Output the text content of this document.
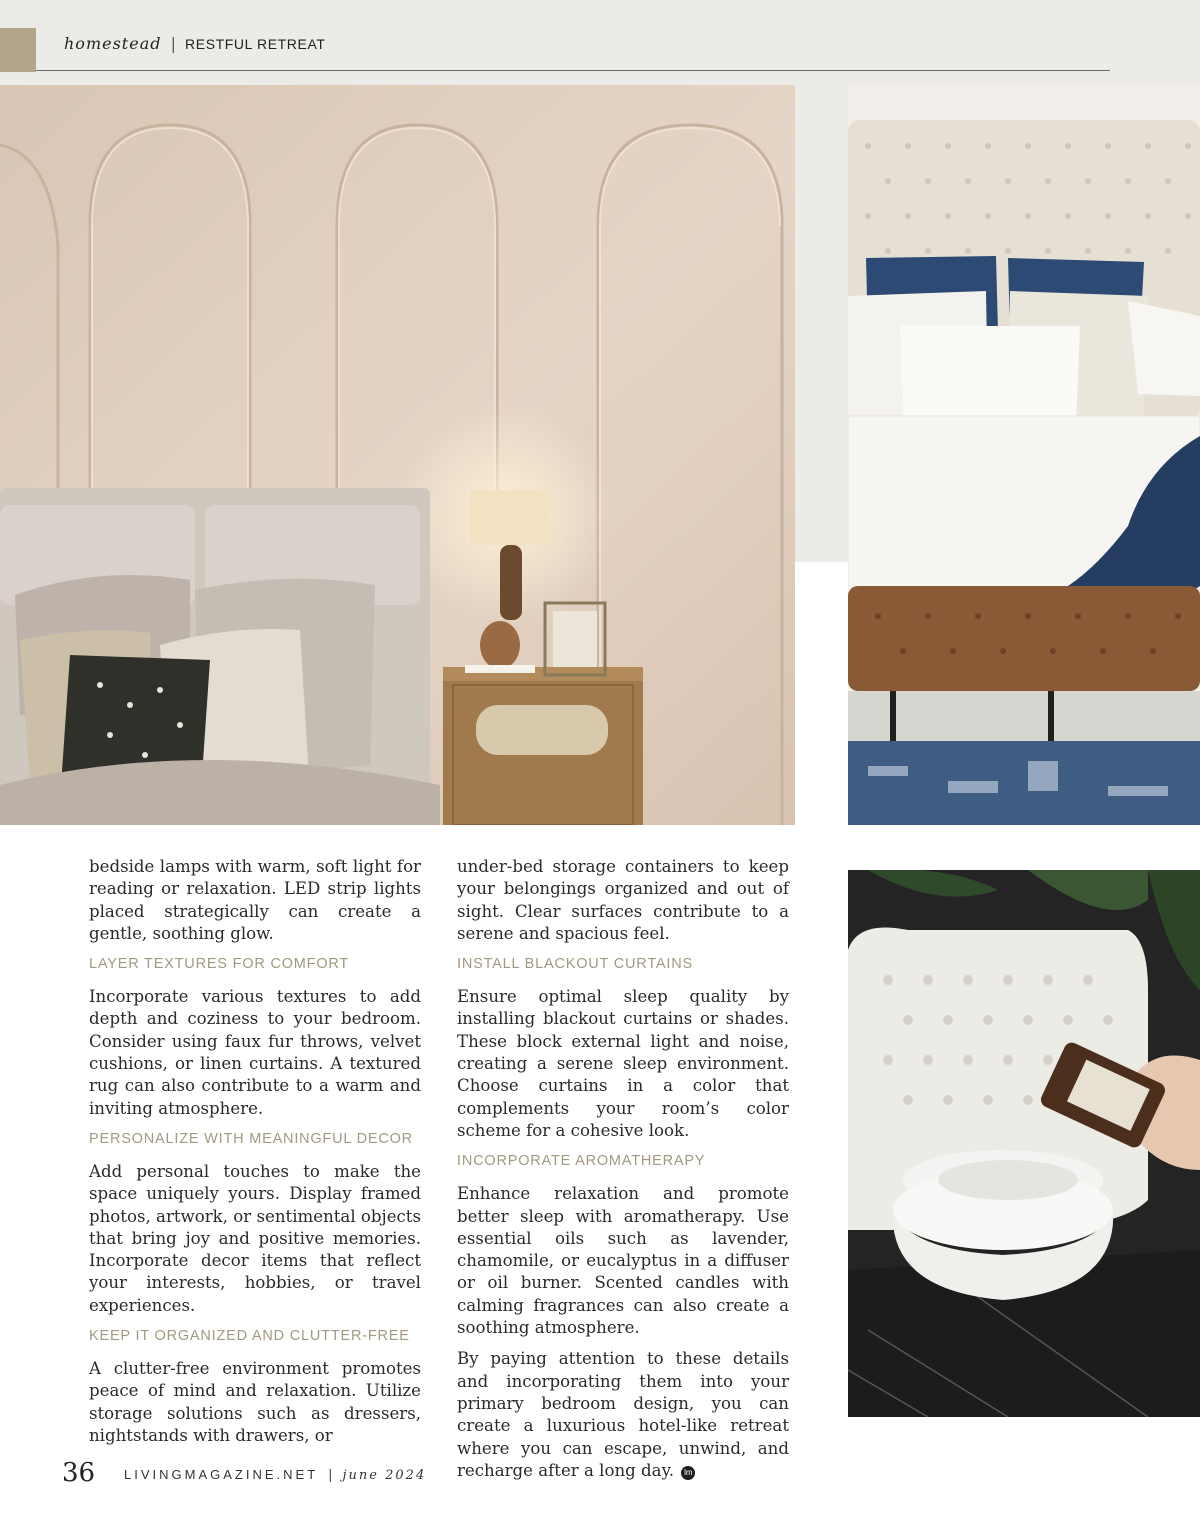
homestead | RESTFUL RETREAT

bedside lamps with warm, soft light for reading or relaxation. LED strip lights placed strategically can create a gentle, soothing glow.

LAYER TEXTURES FOR COMFORT

Incorporate various textures to add depth and coziness to your bedroom. Consider using faux fur throws, velvet cushions, or linen curtains. A textured rug can also contribute to a warm and inviting atmosphere.

PERSONALIZE WITH MEANINGFUL DECOR

Add personal touches to make the space uniquely yours. Display framed photos, artwork, or sentimental objects that bring joy and positive memories. Incorporate decor items that reflect your interests, hobbies, or travel experiences.

KEEP IT ORGANIZED AND CLUTTER-FREE

A clutter-free environment promotes peace of mind and relaxation. Utilize storage solutions such as dressers, nightstands with drawers, or

under-bed storage containers to keep your belongings organized and out of sight. Clear surfaces contribute to a serene and spacious feel.

INSTALL BLACKOUT CURTAINS

Ensure optimal sleep quality by installing blackout curtains or shades. These block external light and noise, creating a serene sleep environment. Choose curtains in a color that complements your room’s color scheme for a cohesive look.

INCORPORATE AROMATHERAPY

Enhance relaxation and promote better sleep with aromatherapy. Use essential oils such as lavender, chamomile, or eucalyptus in a diffuser or oil burner. Scented candles with calming fragrances can also create a soothing atmosphere.

By paying attention to these details and incorporating them into your primary bedroom design, you can create a luxurious hotel-like retreat where you can escape, unwind, and recharge after a long day. lm

36 LIVINGMAGAZINE.NET | june 2024
